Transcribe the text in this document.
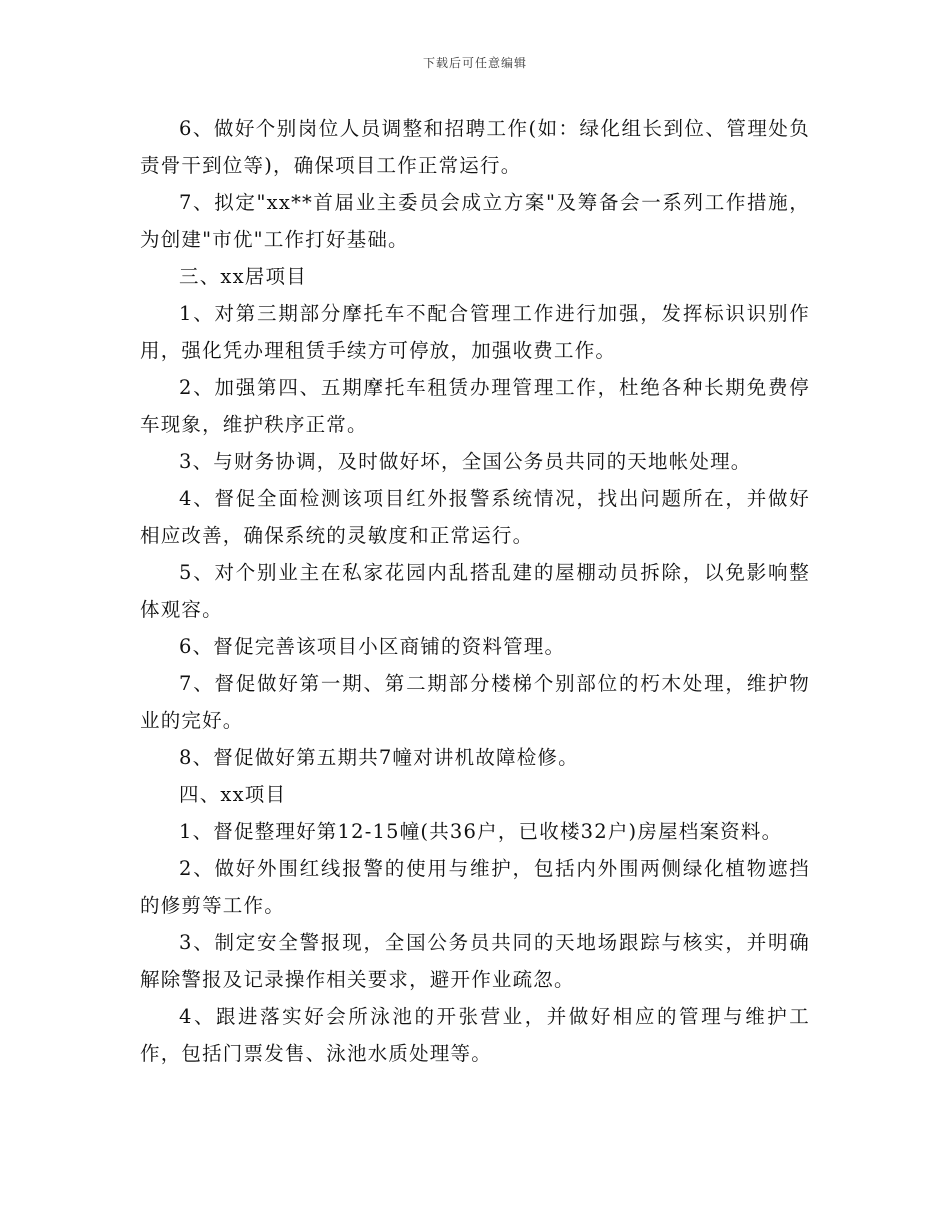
下载后可任意编辑

6、做好个别岗位人员调整和招聘工作(如：绿化组长到位、管理处负责骨干到位等)，确保项目工作正常运行。

7、拟定"xx**首届业主委员会成立方案"及筹备会一系列工作措施，为创建"市优"工作打好基础。

三、xx居项目

1、对第三期部分摩托车不配合管理工作进行加强，发挥标识识别作用，强化凭办理租赁手续方可停放，加强收费工作。

2、加强第四、五期摩托车租赁办理管理工作，杜绝各种长期免费停车现象，维护秩序正常。

3、与财务协调，及时做好坏，全国公务员共同的天地帐处理。

4、督促全面检测该项目红外报警系统情况，找出问题所在，并做好相应改善，确保系统的灵敏度和正常运行。

5、对个别业主在私家花园内乱搭乱建的屋棚动员拆除，以免影响整体观容。

6、督促完善该项目小区商铺的资料管理。

7、督促做好第一期、第二期部分楼梯个别部位的朽木处理，维护物业的完好。

8、督促做好第五期共7幢对讲机故障检修。

四、xx项目

1、督促整理好第12-15幢(共36户，已收楼32户)房屋档案资料。

2、做好外围红线报警的使用与维护，包括内外围两侧绿化植物遮挡的修剪等工作。

3、制定安全警报现，全国公务员共同的天地场跟踪与核实，并明确解除警报及记录操作相关要求，避开作业疏忽。

4、跟进落实好会所泳池的开张营业，并做好相应的管理与维护工作，包括门票发售、泳池水质处理等。
